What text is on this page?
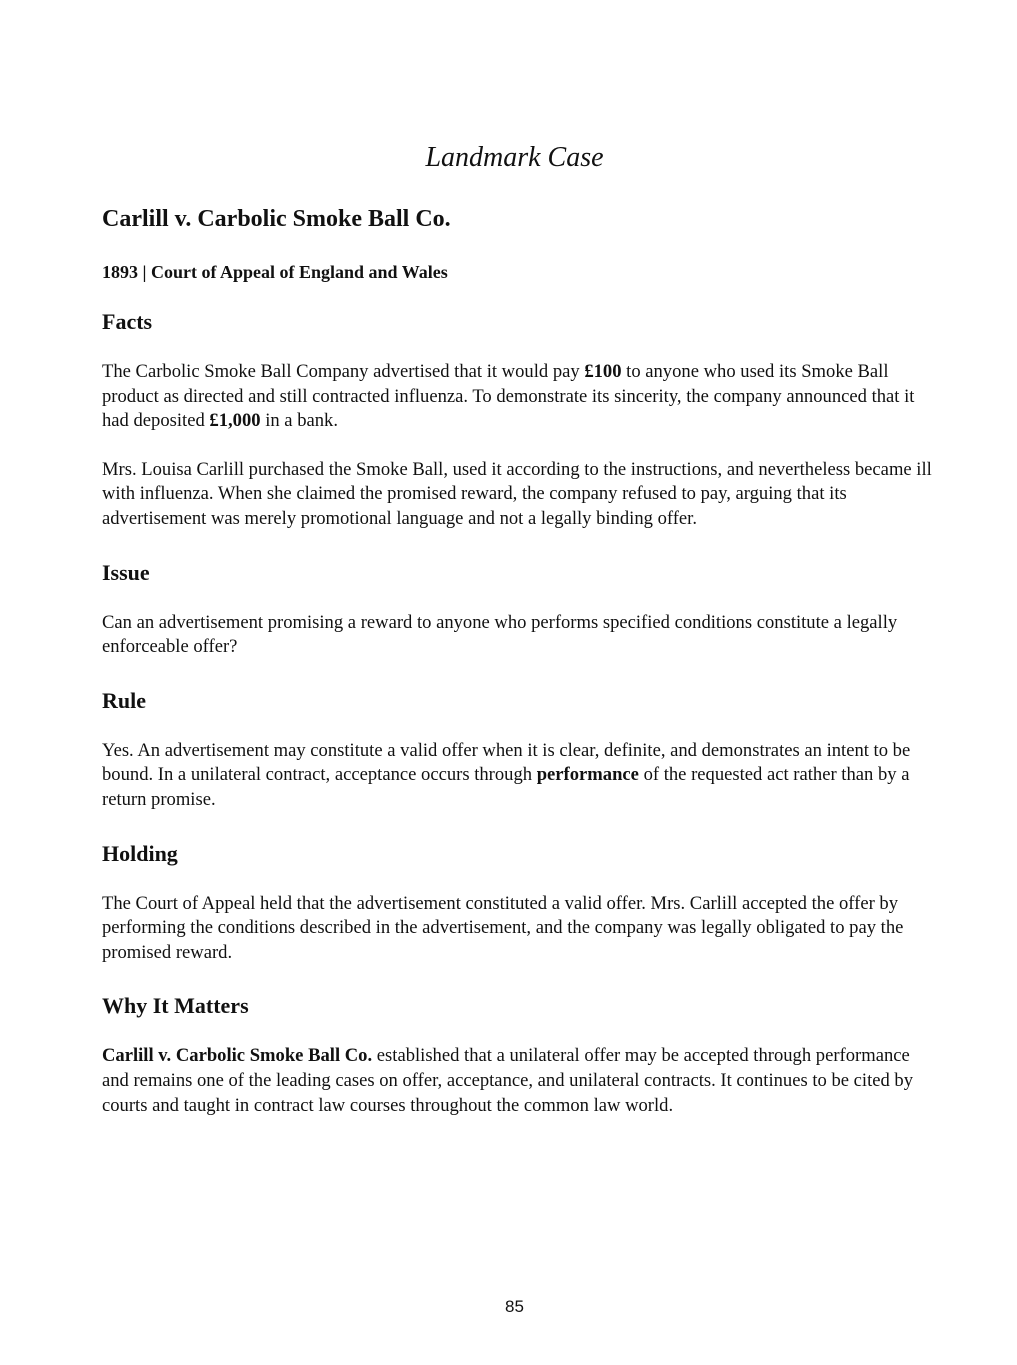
Landmark Case
Carlill v. Carbolic Smoke Ball Co.
1893 | Court of Appeal of England and Wales
Facts

The Carbolic Smoke Ball Company advertised that it would pay £100 to anyone who used its Smoke Ball product as directed and still contracted influenza. To demonstrate its sincerity, the company announced that it had deposited £1,000 in a bank.

Mrs. Louisa Carlill purchased the Smoke Ball, used it according to the instructions, and nevertheless became ill with influenza. When she claimed the promised reward, the company refused to pay, arguing that its advertisement was merely promotional language and not a legally binding offer.

Issue

Can an advertisement promising a reward to anyone who performs specified conditions constitute a legally enforceable offer?

Rule

Yes. An advertisement may constitute a valid offer when it is clear, definite, and demonstrates an intent to be bound. In a unilateral contract, acceptance occurs through performance of the requested act rather than by a return promise.

Holding

The Court of Appeal held that the advertisement constituted a valid offer. Mrs. Carlill accepted the offer by performing the conditions described in the advertisement, and the company was legally obligated to pay the promised reward.

Why It Matters

Carlill v. Carbolic Smoke Ball Co. established that a unilateral offer may be accepted through performance and remains one of the leading cases on offer, acceptance, and unilateral contracts. It continues to be cited by courts and taught in contract law courses throughout the common law world.

85
